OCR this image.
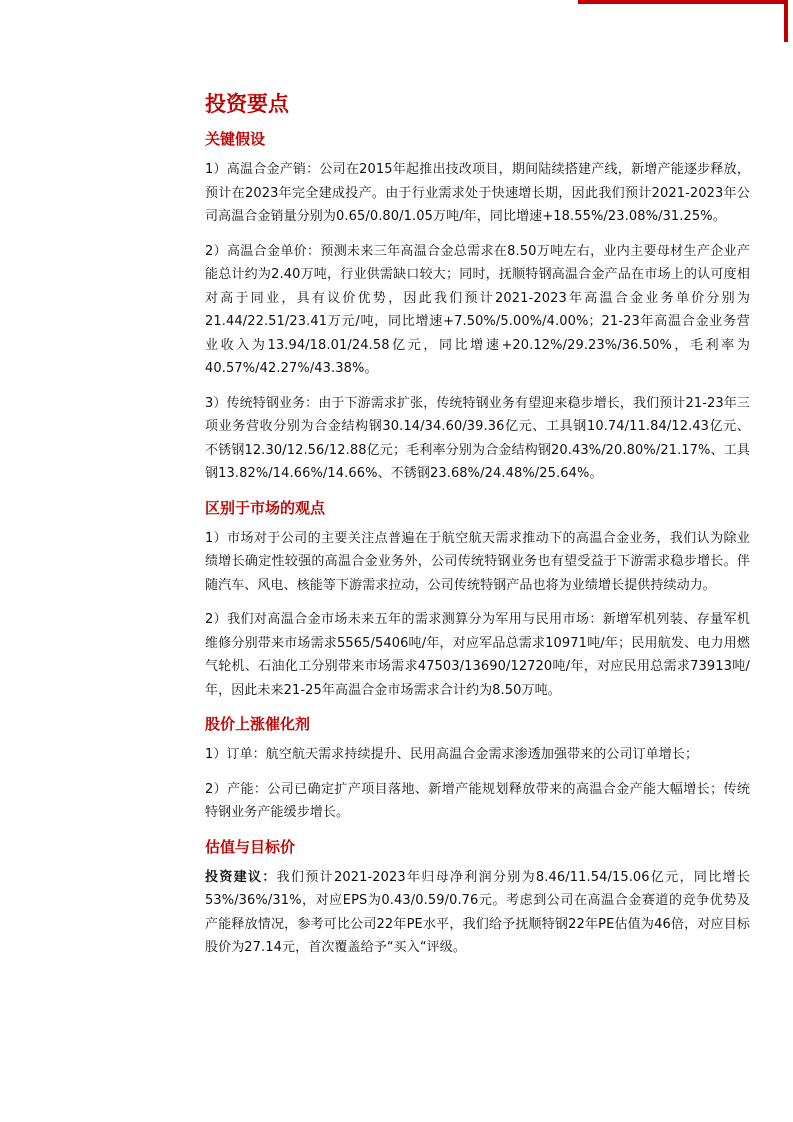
投资要点
关键假设

1）高温合金产销：公司在2015年起推出技改项目，期间陆续搭建产线，新增产能逐步释放，预计在2023年完全建成投产。由于行业需求处于快速增长期，因此我们预计2021-2023年公司高温合金销量分别为0.65/0.80/1.05万吨/年，同比增速+18.55%/23.08%/31.25%。

2）高温合金单价：预测未来三年高温合金总需求在8.50万吨左右，业内主要母材生产企业产能总计约为2.40万吨，行业供需缺口较大；同时，抚顺特钢高温合金产品在市场上的认可度相对高于同业，具有议价优势，因此我们预计2021-2023年高温合金业务单价分别为21.44/22.51/23.41万元/吨，同比增速+7.50%/5.00%/4.00%；21-23年高温合金业务营业收入为13.94/18.01/24.58亿元，同比增速+20.12%/29.23%/36.50%，毛利率为40.57%/42.27%/43.38%。

3）传统特钢业务：由于下游需求扩张，传统特钢业务有望迎来稳步增长，我们预计21-23年三项业务营收分别为合金结构钢30.14/34.60/39.36亿元、工具钢10.74/11.84/12.43亿元、不锈钢12.30/12.56/12.88亿元；毛利率分别为合金结构钢20.43%/20.80%/21.17%、工具钢13.82%/14.66%/14.66%、不锈钢23.68%/24.48%/25.64%。

区别于市场的观点

1）市场对于公司的主要关注点普遍在于航空航天需求推动下的高温合金业务，我们认为除业绩增长确定性较强的高温合金业务外，公司传统特钢业务也有望受益于下游需求稳步增长。伴随汽车、风电、核能等下游需求拉动，公司传统特钢产品也将为业绩增长提供持续动力。

2）我们对高温合金市场未来五年的需求测算分为军用与民用市场：新增军机列装、存量军机维修分别带来市场需求5565/5406吨/年，对应军品总需求10971吨/年；民用航发、电力用燃气轮机、石油化工分别带来市场需求47503/13690/12720吨/年，对应民用总需求73913吨/年，因此未来21-25年高温合金市场需求合计约为8.50万吨。

股价上涨催化剂

1）订单：航空航天需求持续提升、民用高温合金需求渗透加强带来的公司订单增长；

2）产能：公司已确定扩产项目落地、新增产能规划释放带来的高温合金产能大幅增长；传统特钢业务产能缓步增长。

估值与目标价

投资建议：我们预计2021-2023年归母净利润分别为8.46/11.54/15.06亿元，同比增长53%/36%/31%，对应EPS为0.43/0.59/0.76元。考虑到公司在高温合金赛道的竞争优势及产能释放情况，参考可比公司22年PE水平，我们给予抚顺特钢22年PE估值为46倍，对应目标股价为27.14元，首次覆盖给予“买入“评级。
